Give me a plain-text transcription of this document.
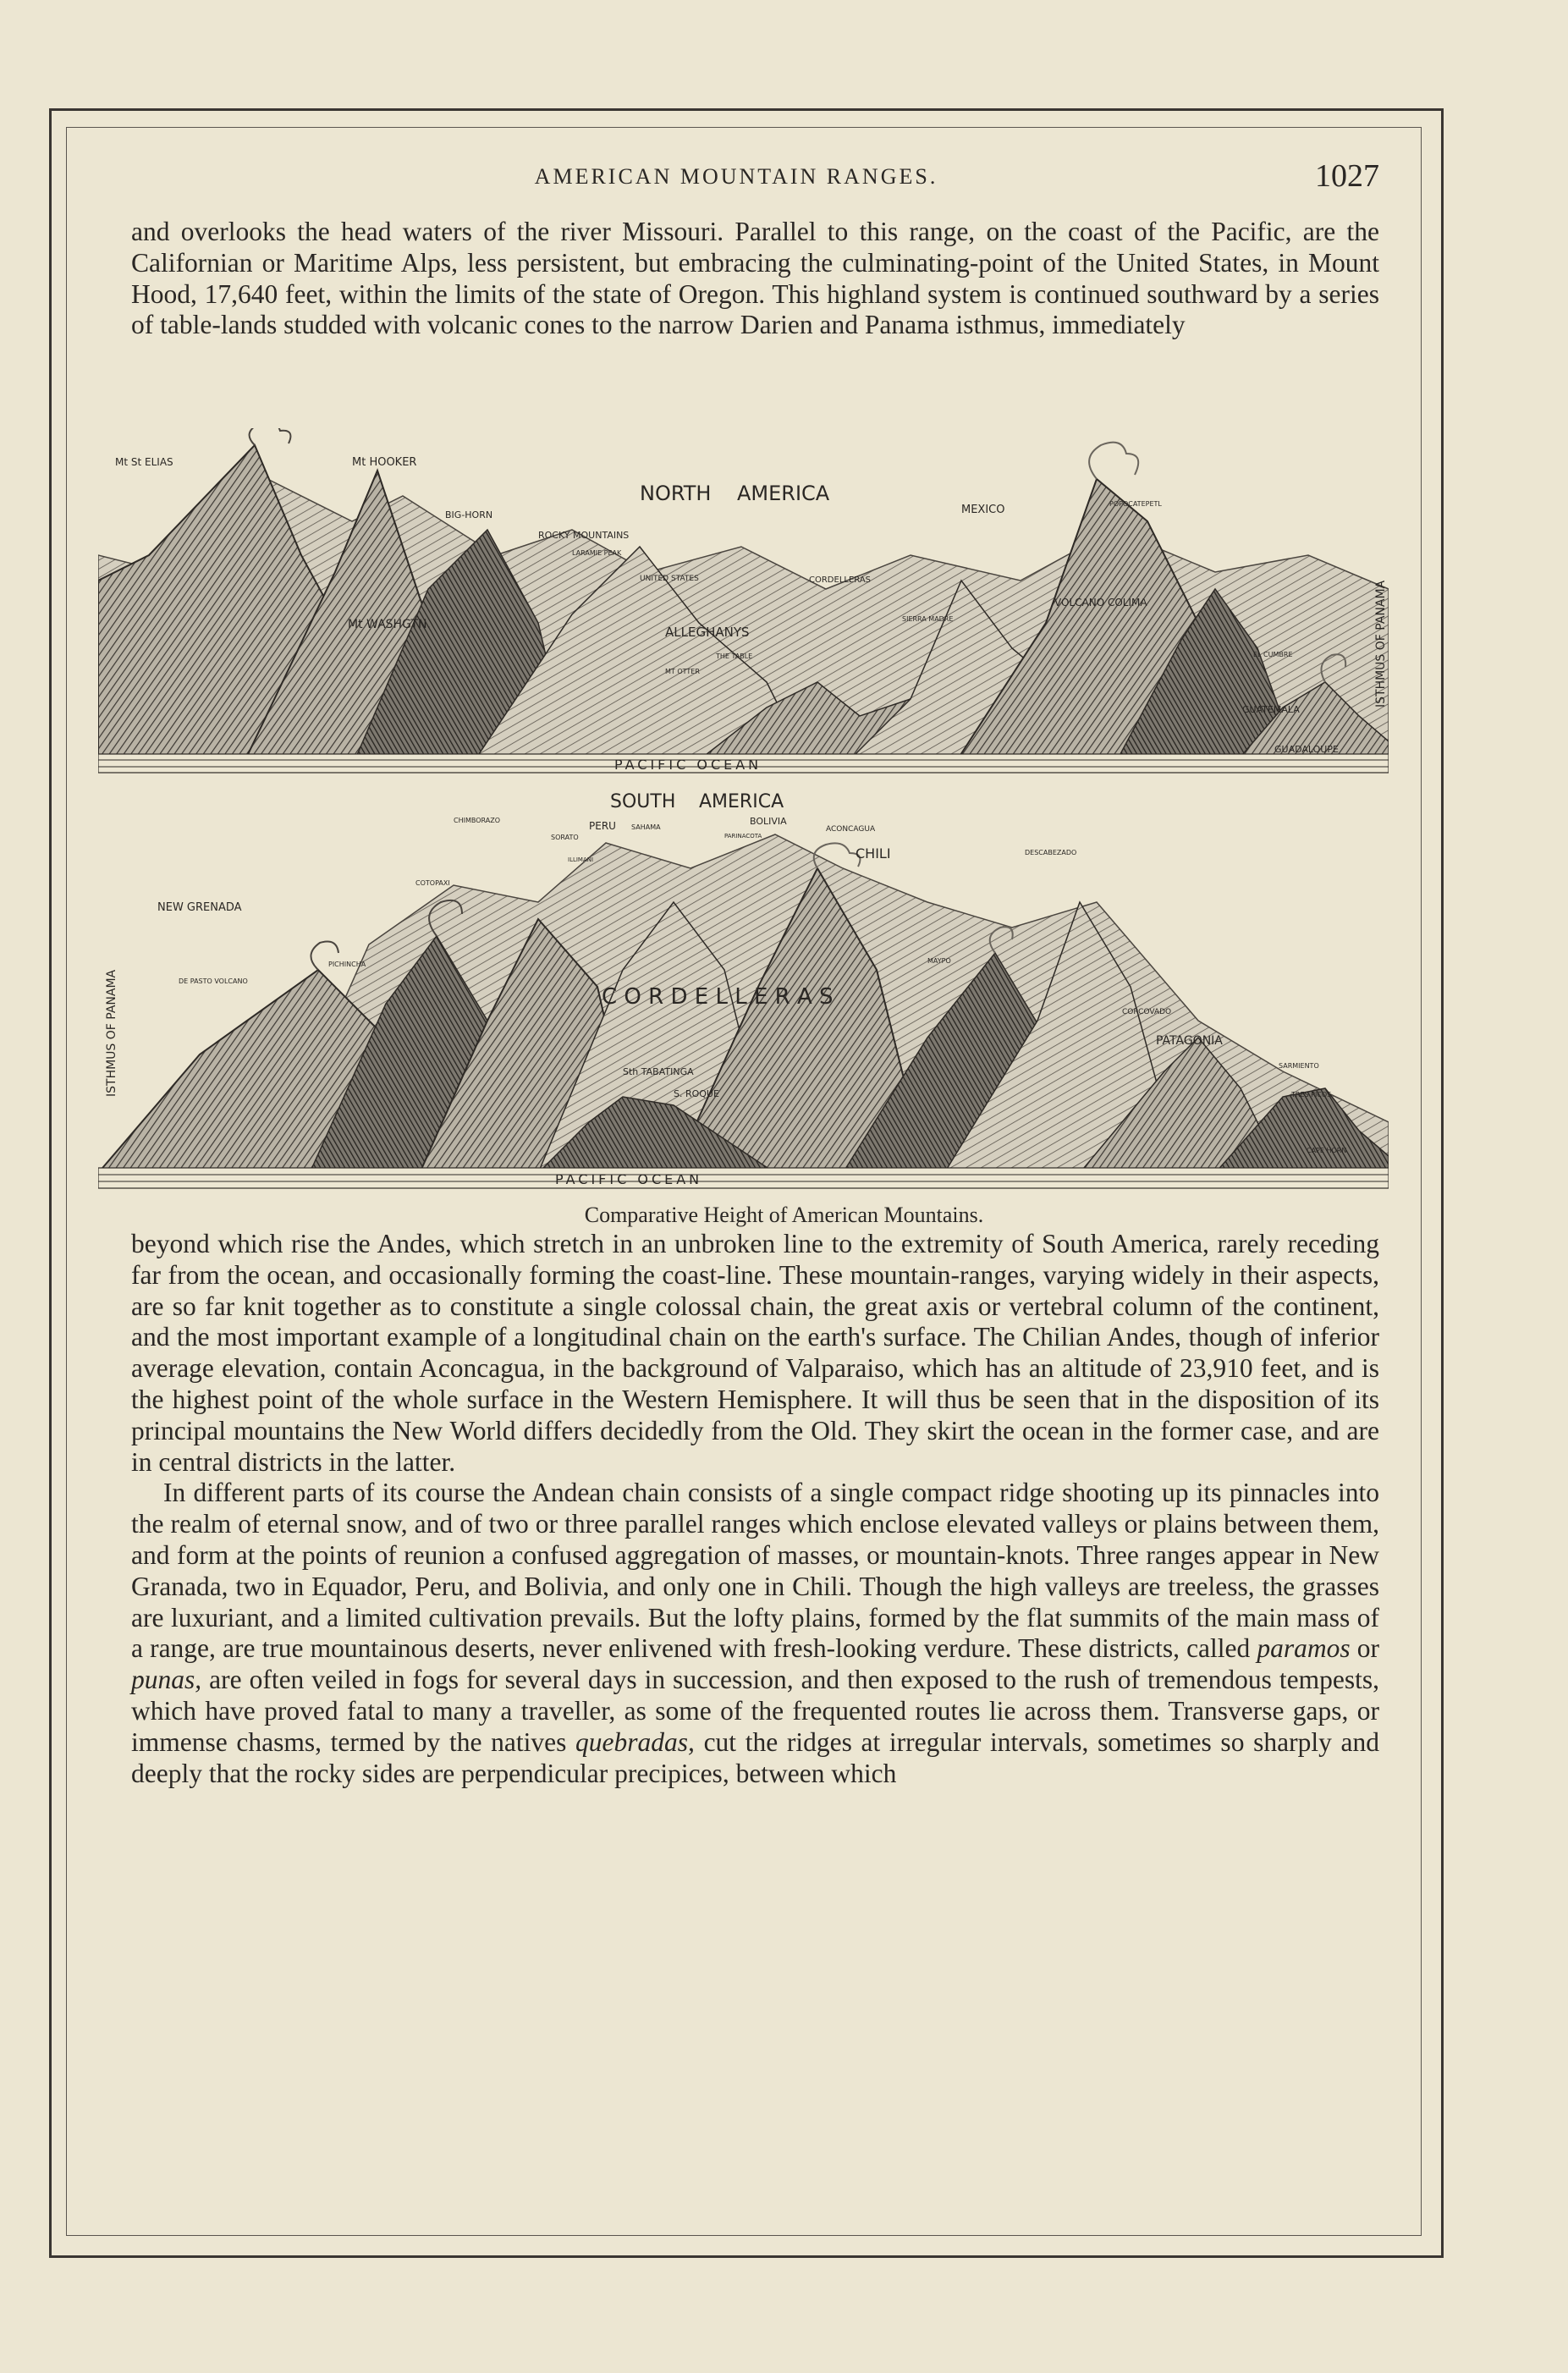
AMERICAN MOUNTAIN RANGES.	1027

and overlooks the head waters of the river Missouri. Parallel to this range, on the coast of the Pacific, are the Californian or Maritime Alps, less persistent, but embracing the culminating-point of the United States, in Mount Hood, 17,640 feet, within the limits of the state of Oregon. This highland system is continued southward by a series of table-lands studded with volcanic cones to the narrow Darien and Panama isthmus, immediately

PACIFIC OCEAN
NORTH AMERICA
Mt St ELIAS	Mt HOOKER
BIG-HORN
ROCKY MOUNTAINS
LARAMIE PEAK
Mt WASHGTN.
UNITED STATES
ALLEGHANYS
THE TABLE
MT OTTER
CORDELLERAS
SIERRA MADRE
MEXICO	POPOCATEPETL
VOLCANO COLIMA
EL CUMBRE
GUATEMALA
GUADALOUPE
ISTHMUS OF PANAMA
PACIFIC OCEAN
SOUTH AMERICA
NEW GRENADA
DE PASTO VOLCANO
PICHINCHA
COTOPAXI
CHIMBORAZO
SORATO
PERU SAHAMA
ILLIMANI
BOLIVIA
PARINACOTA
ACONCAGUA
CHILI	DESCABEZADO
MAYPO
C O R D E L L E R A S
CORCOVADO
PATAGONIA
SARMIENTO
TRES PICOS
CAPE HORN
Sth TABATINGA
S. ROQUE
ISTHMUS OF PANAMA
Comparative Height of American Mountains.

beyond which rise the Andes, which stretch in an unbroken line to the extremity of South America, rarely receding far from the ocean, and occasionally forming the coast-line. These mountain-ranges, varying widely in their aspects, are so far knit together as to constitute a single colossal chain, the great axis or vertebral column of the continent, and the most important example of a longitudinal chain on the earth's surface. The Chilian Andes, though of inferior average elevation, contain Aconcagua, in the background of Valparaiso, which has an altitude of 23,910 feet, and is the highest point of the whole surface in the Western Hemisphere. It will thus be seen that in the disposition of its principal mountains the New World differs decidedly from the Old. They skirt the ocean in the former case, and are in central districts in the latter.

In different parts of its course the Andean chain consists of a single compact ridge shooting up its pinnacles into the realm of eternal snow, and of two or three parallel ranges which enclose elevated valleys or plains between them, and form at the points of reunion a confused aggregation of masses, or mountain-knots. Three ranges appear in New Granada, two in Equador, Peru, and Bolivia, and only one in Chili. Though the high valleys are treeless, the grasses are luxuriant, and a limited cultivation prevails. But the lofty plains, formed by the flat summits of the main mass of a range, are true mountainous deserts, never enlivened with fresh-looking verdure. These districts, called paramos or punas, are often veiled in fogs for several days in succession, and then exposed to the rush of tremendous tempests, which have proved fatal to many a traveller, as some of the frequented routes lie across them. Transverse gaps, or immense chasms, termed by the natives quebradas, cut the ridges at irregular intervals, sometimes so sharply and deeply that the rocky sides are perpendicular precipices, between which
